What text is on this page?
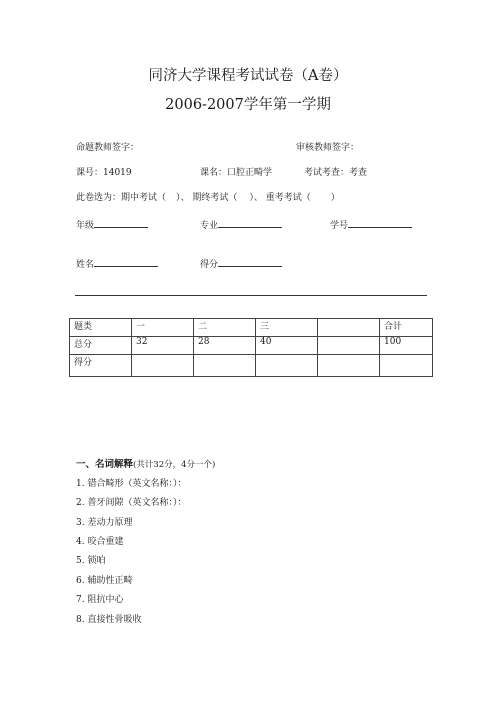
同济大学课程考试试卷（A卷）
2006-2007学年第一学期
命题教师签字：	审核教师签字：
课号：14019	课名：口腔正畸学	考试考查：考查
此卷选为：期中考试（ ）、 期终考试（ ）、 重考考试（ ）
年级	专业	学号
姓名	得分
题类	一	二	三		合计
总分	32	28	40		100
得分					
一、名词解释(共计32分，4分一个)
1. 错合畸形（英文名称：）：
2. 普牙间隙（英文名称：）：
3. 差动力原理
4. 咬合重建
5. 锁㕷
6. 辅助性正畸
7. 阻抗中心
8. 直接性骨吸收
